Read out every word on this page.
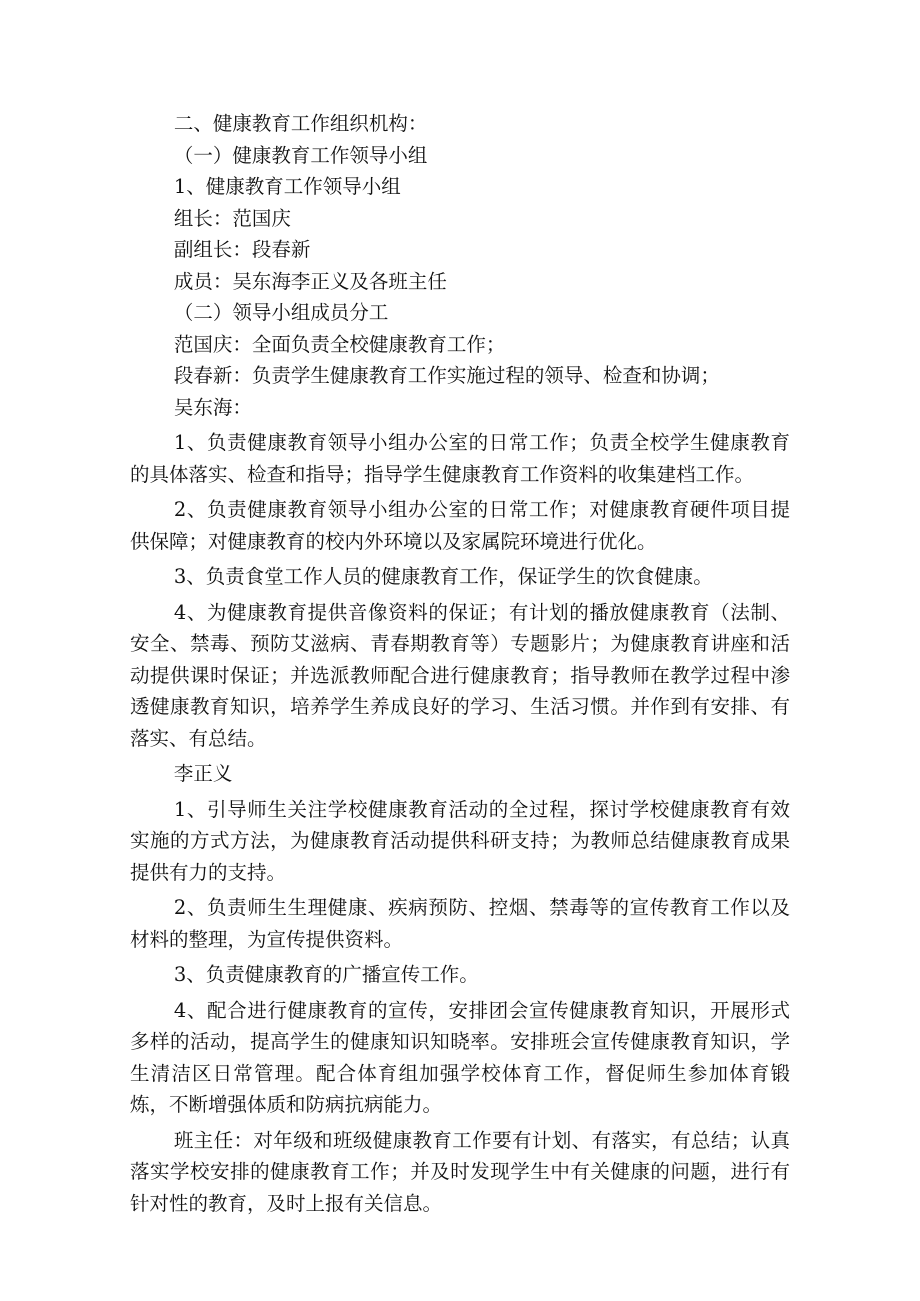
二、健康教育工作组织机构：

（一）健康教育工作领导小组

1、健康教育工作领导小组

组长：范国庆

副组长：段春新

成员：吴东海李正义及各班主任

（二）领导小组成员分工

范国庆：全面负责全校健康教育工作；

段春新：负责学生健康教育工作实施过程的领导、检查和协调；

吴东海：

1、负责健康教育领导小组办公室的日常工作；负责全校学生健康教育的具体落实、检查和指导；指导学生健康教育工作资料的收集建档工作。

2、负责健康教育领导小组办公室的日常工作；对健康教育硬件项目提供保障；对健康教育的校内外环境以及家属院环境进行优化。

3、负责食堂工作人员的健康教育工作，保证学生的饮食健康。

4、为健康教育提供音像资料的保证；有计划的播放健康教育（法制、安全、禁毒、预防艾滋病、青春期教育等）专题影片；为健康教育讲座和活动提供课时保证；并选派教师配合进行健康教育；指导教师在教学过程中渗透健康教育知识，培养学生养成良好的学习、生活习惯。并作到有安排、有落实、有总结。

李正义

1、引导师生关注学校健康教育活动的全过程，探讨学校健康教育有效实施的方式方法，为健康教育活动提供科研支持；为教师总结健康教育成果提供有力的支持。

2、负责师生生理健康、疾病预防、控烟、禁毒等的宣传教育工作以及材料的整理，为宣传提供资料。

3、负责健康教育的广播宣传工作。

4、配合进行健康教育的宣传，安排团会宣传健康教育知识，开展形式多样的活动，提高学生的健康知识知晓率。安排班会宣传健康教育知识，学生清洁区日常管理。配合体育组加强学校体育工作，督促师生参加体育锻炼，不断增强体质和防病抗病能力。

班主任：对年级和班级健康教育工作要有计划、有落实，有总结；认真落实学校安排的健康教育工作；并及时发现学生中有关健康的问题，进行有针对性的教育，及时上报有关信息。
